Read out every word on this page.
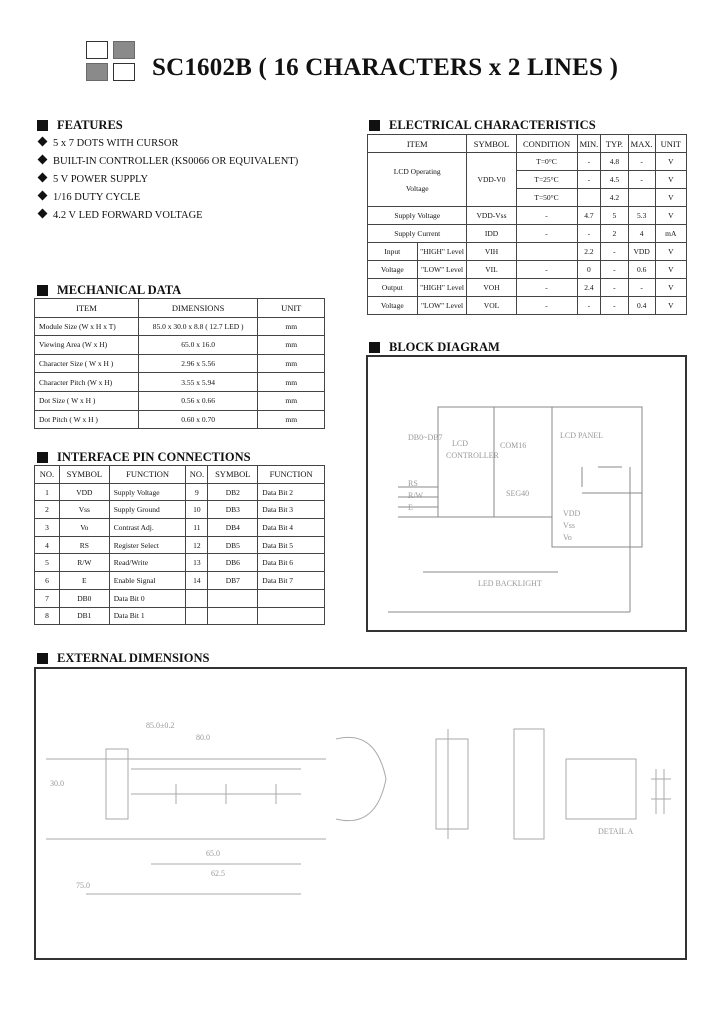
SC1602B ( 16 CHARACTERS x 2 LINES )
FEATURES
5 x 7 DOTS WITH CURSOR
BUILT-IN CONTROLLER (KS0066 OR EQUIVALENT)
5 V POWER SUPPLY
1/16 DUTY CYCLE
4.2 V LED FORWARD VOLTAGE
MECHANICAL DATA
ITEM	DIMENSIONS	UNIT
Module Size (W x H x T)	85.0 x 30.0 x 8.8 ( 12.7 LED )	mm
Viewing Area (W x H)	65.0 x 16.0	mm
Character Size ( W x H )	2.96 x 5.56	mm
Character Pitch (W x H)	3.55 x 5.94	mm
Dot Size ( W x H )	0.56 x 0.66	mm
Dot Pitch ( W x H )	0.60 x 0.70	mm
INTERFACE PIN CONNECTIONS
NO.	SYMBOL	FUNCTION	NO.	SYMBOL	FUNCTION
1	VDD	Supply Voltage	9	DB2	Data Bit 2
2	Vss	Supply Ground	10	DB3	Data Bit 3
3	Vo	Contrast Adj.	11	DB4	Data Bit 4
4	RS	Register Select	12	DB5	Data Bit 5
5	R/W	Read/Write	13	DB6	Data Bit 6
6	E	Enable Signal	14	DB7	Data Bit 7
7	DB0	Data Bit 0			
8	DB1	Data Bit 1			
ELECTRICAL CHARACTERISTICS
ITEM		SYMBOL	CONDITION	MIN.	TYP.	MAX.	UNIT

LCD Operating
Voltage		VDD-V0	T=0°C	-	4.8	-	V
			T=25°C	-	4.5	-	V
			T=50°C		4.2		V
Supply Voltage		VDD-Vss	-	4.7	5	5.3	V
Supply Current		IDD	-	-	2	4	mA
Input	"HIGH" Level	VIH		2.2	-	VDD	V
Voltage	"LOW" Level	VIL	-	0	-	0.6	V
Output	"HIGH" Level	VOH	-	2.4	-	-	V
Voltage	"LOW" Level	VOL	-	-	-	0.4	V
BLOCK DIAGRAM
LCD PANEL
LCD
CONTROLLER
COM16
SEG40
DB0~DB7
RS
R/W
E
VDD
Vss
Vo
LED BACKLIGHT
EXTERNAL DIMENSIONS
85.0±0.2
80.0
65.0
62.5
75.0
30.0
DETAIL A
